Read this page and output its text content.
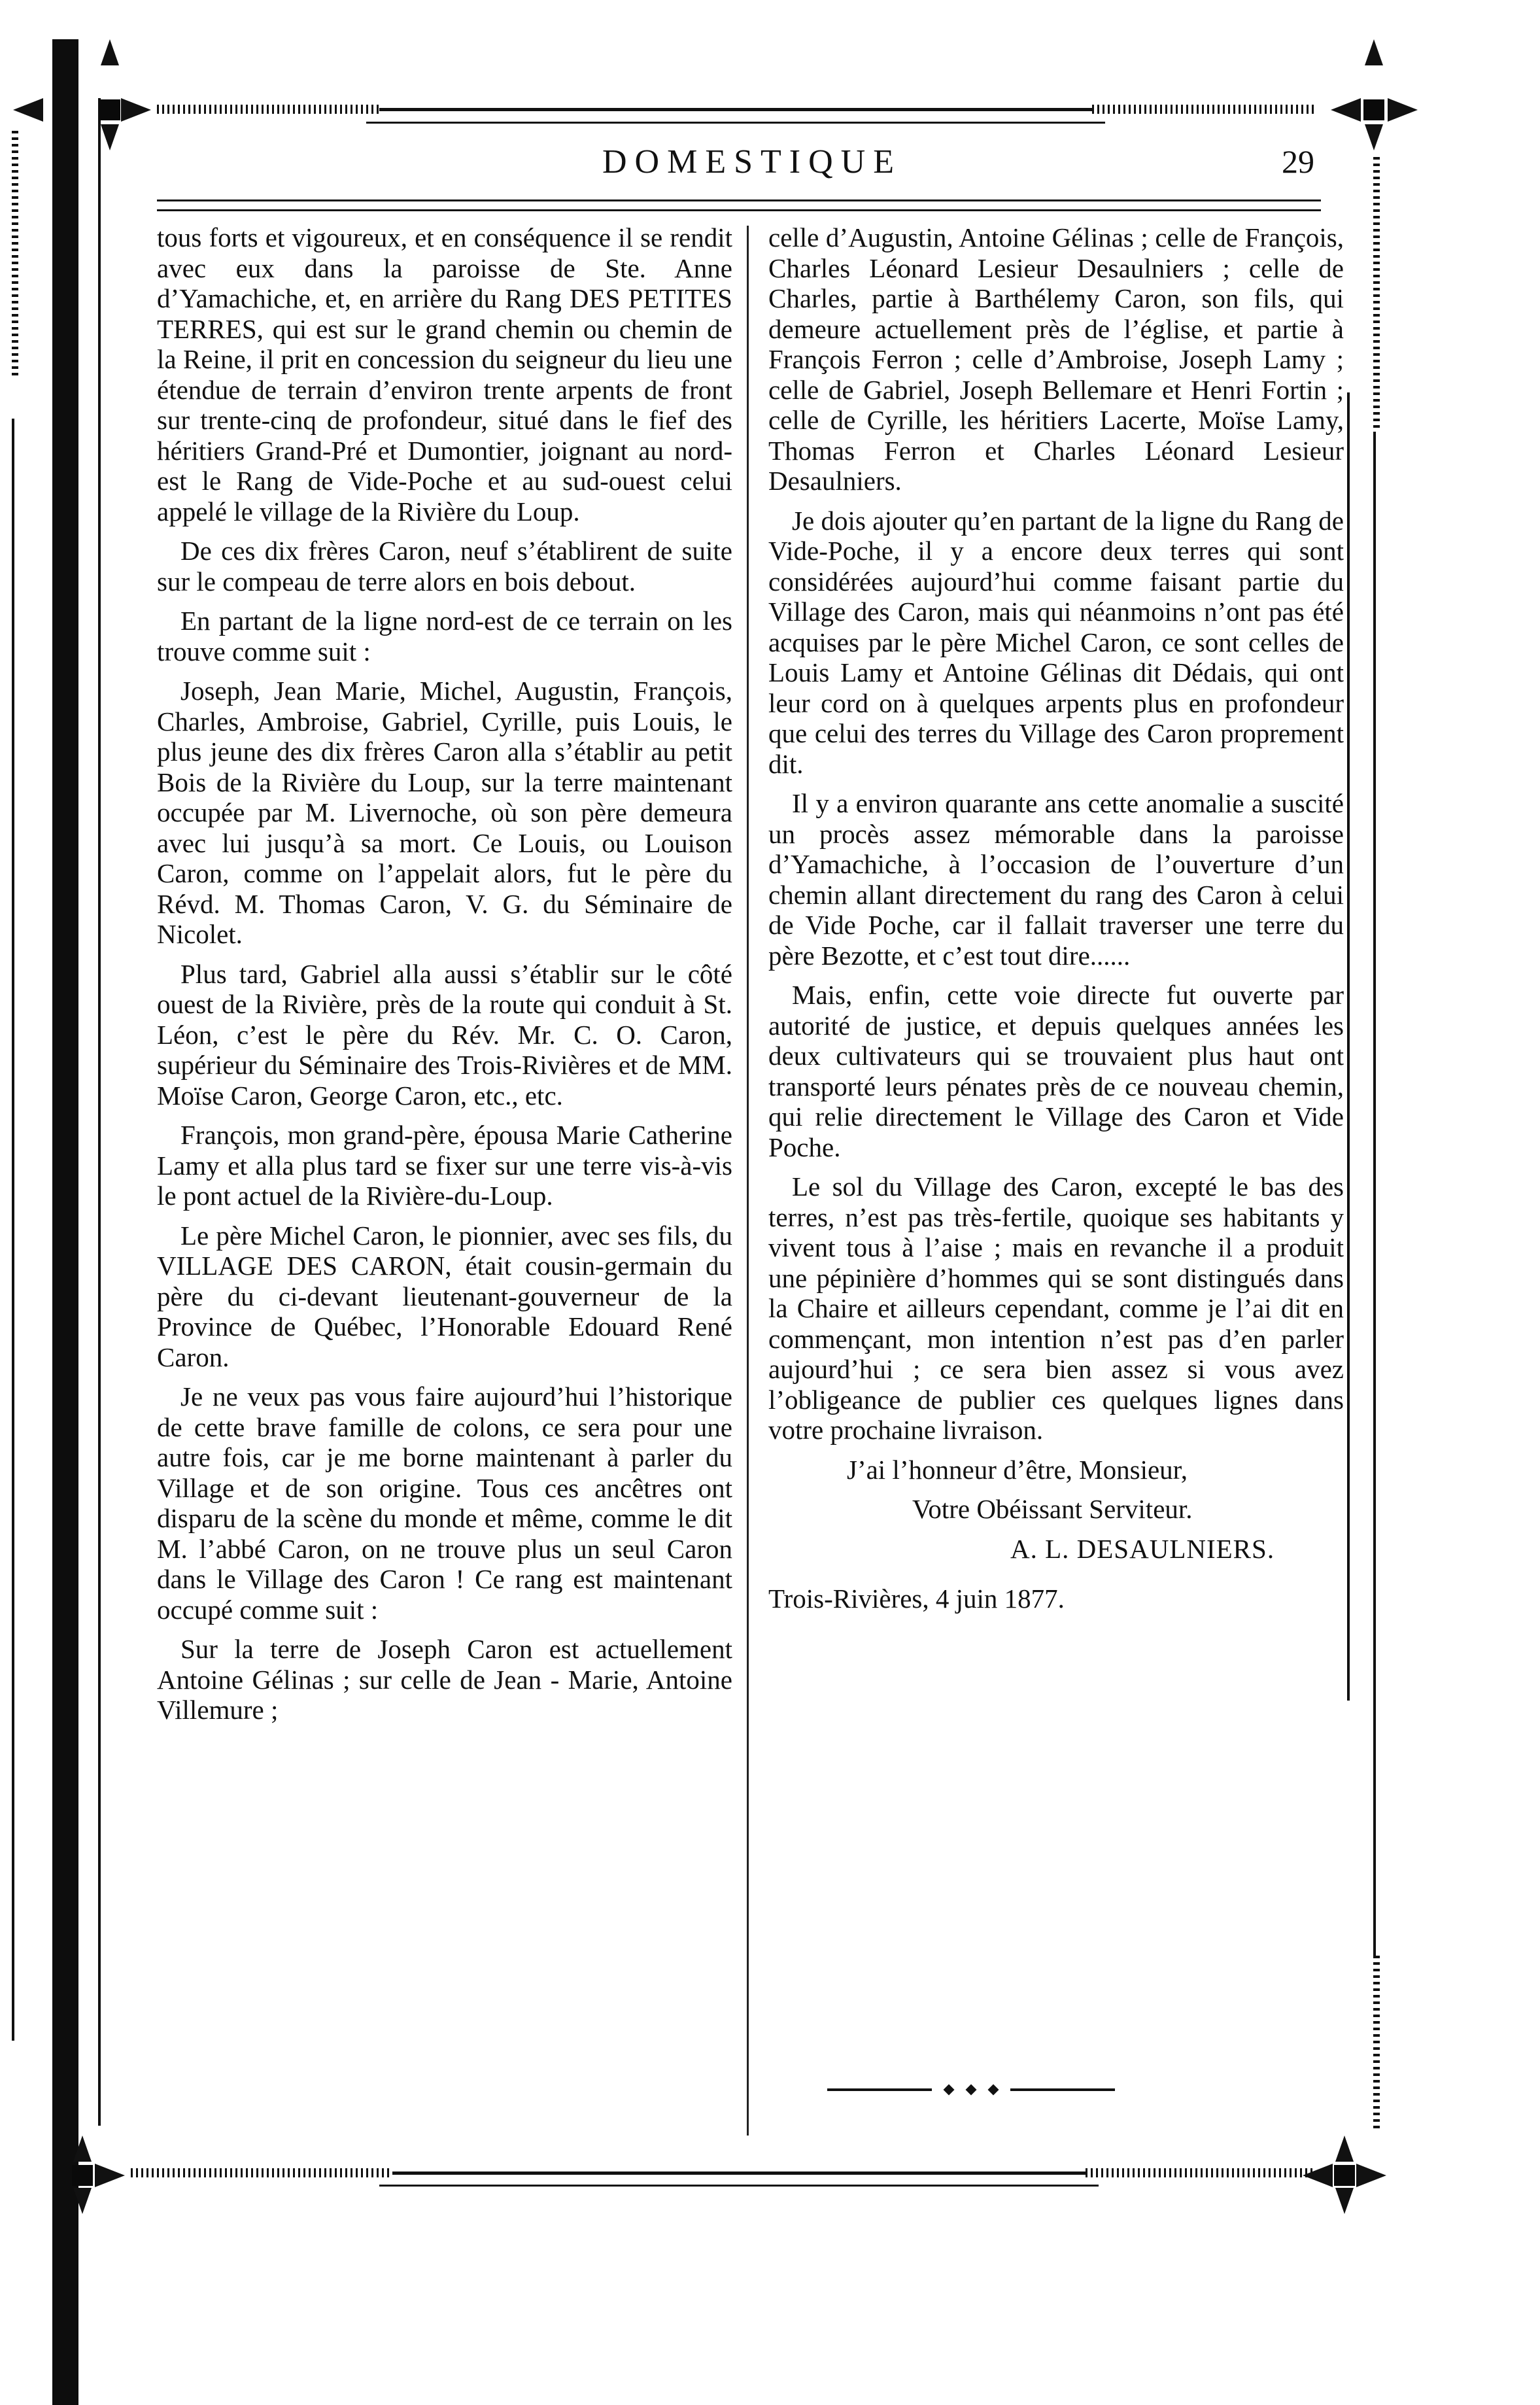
DOMESTIQUE	29

tous forts et vigoureux, et en conséquence il se rendit avec eux dans la paroisse de Ste. Anne d’Yamachiche, et, en arrière du Rang DES PETITES TERRES, qui est sur le grand chemin ou chemin de la Reine, il prit en concession du seigneur du lieu une étendue de terrain d’environ trente arpents de front sur trente-cinq de profondeur, situé dans le fief des héritiers Grand-Pré et Dumontier, joignant au nord-est le Rang de Vide-Poche et au sud-ouest celui appelé le village de la Rivière du Loup.

De ces dix frères Caron, neuf s’établirent de suite sur le compeau de terre alors en bois debout.

En partant de la ligne nord-est de ce terrain on les trouve comme suit :

Joseph, Jean Marie, Michel, Augustin, François, Charles, Ambroise, Gabriel, Cyrille, puis Louis, le plus jeune des dix frères Caron alla s’établir au petit Bois de la Rivière du Loup, sur la terre maintenant occupée par M. Livernoche, où son père demeura avec lui jusqu’à sa mort. Ce Louis, ou Louison Caron, comme on l’appelait alors, fut le père du Révd. M. Thomas Caron, V. G. du Séminaire de Nicolet.

Plus tard, Gabriel alla aussi s’établir sur le côté ouest de la Rivière, près de la route qui conduit à St. Léon, c’est le père du Rév. Mr. C. O. Caron, supérieur du Séminaire des Trois-Rivières et de MM. Moïse Caron, George Caron, etc., etc.

François, mon grand-père, épousa Marie Catherine Lamy et alla plus tard se fixer sur une terre vis-à-vis le pont actuel de la Rivière-du-Loup.

Le père Michel Caron, le pionnier, avec ses fils, du VILLAGE DES CARON, était cousin-germain du père du ci-devant lieutenant-gouverneur de la Province de Québec, l’Honorable Edouard René Caron.

Je ne veux pas vous faire aujourd’hui l’historique de cette brave famille de colons, ce sera pour une autre fois, car je me borne maintenant à parler du Village et de son origine. Tous ces ancêtres ont disparu de la scène du monde et même, comme le dit M. l’abbé Caron, on ne trouve plus un seul Caron dans le Village des Caron ! Ce rang est maintenant occupé comme suit :

Sur la terre de Joseph Caron est actuellement Antoine Gélinas ; sur celle de Jean - Marie, Antoine Villemure ;

celle d’Augustin, Antoine Gélinas ; celle de François, Charles Léonard Lesieur Desaulniers ; celle de Charles, partie à Barthélemy Caron, son fils, qui demeure actuellement près de l’église, et partie à François Ferron ; celle d’Ambroise, Joseph Lamy ; celle de Gabriel, Joseph Bellemare et Henri Fortin ; celle de Cyrille, les héritiers Lacerte, Moïse Lamy, Thomas Ferron et Charles Léonard Lesieur Desaulniers.

Je dois ajouter qu’en partant de la ligne du Rang de Vide-Poche, il y a encore deux terres qui sont considérées aujourd’hui comme faisant partie du Village des Caron, mais qui néanmoins n’ont pas été acquises par le père Michel Caron, ce sont celles de Louis Lamy et Antoine Gélinas dit Dédais, qui ont leur cord on à quelques arpents plus en profondeur que celui des terres du Village des Caron proprement dit.

Il y a environ quarante ans cette anomalie a suscité un procès assez mémorable dans la paroisse d’Yamachiche, à l’occasion de l’ouverture d’un chemin allant directement du rang des Caron à celui de Vide Poche, car il fallait traverser une terre du père Bezotte, et c’est tout dire......

Mais, enfin, cette voie directe fut ouverte par autorité de justice, et depuis quelques années les deux cultivateurs qui se trouvaient plus haut ont transporté leurs pénates près de ce nouveau chemin, qui relie directement le Village des Caron et Vide Poche.

Le sol du Village des Caron, excepté le bas des terres, n’est pas très-fertile, quoique ses habitants y vivent tous à l’aise ; mais en revanche il a produit une pépinière d’hommes qui se sont distingués dans la Chaire et ailleurs cependant, comme je l’ai dit en commençant, mon intention n’est pas d’en parler aujourd’hui ; ce sera bien assez si vous avez l’obligeance de publier ces quelques lignes dans votre prochaine livraison.

J’ai l’honneur d’être, Monsieur,

Votre Obéissant Serviteur.

A. L. DESAULNIERS.

Trois-Rivières, 4 juin 1877.
